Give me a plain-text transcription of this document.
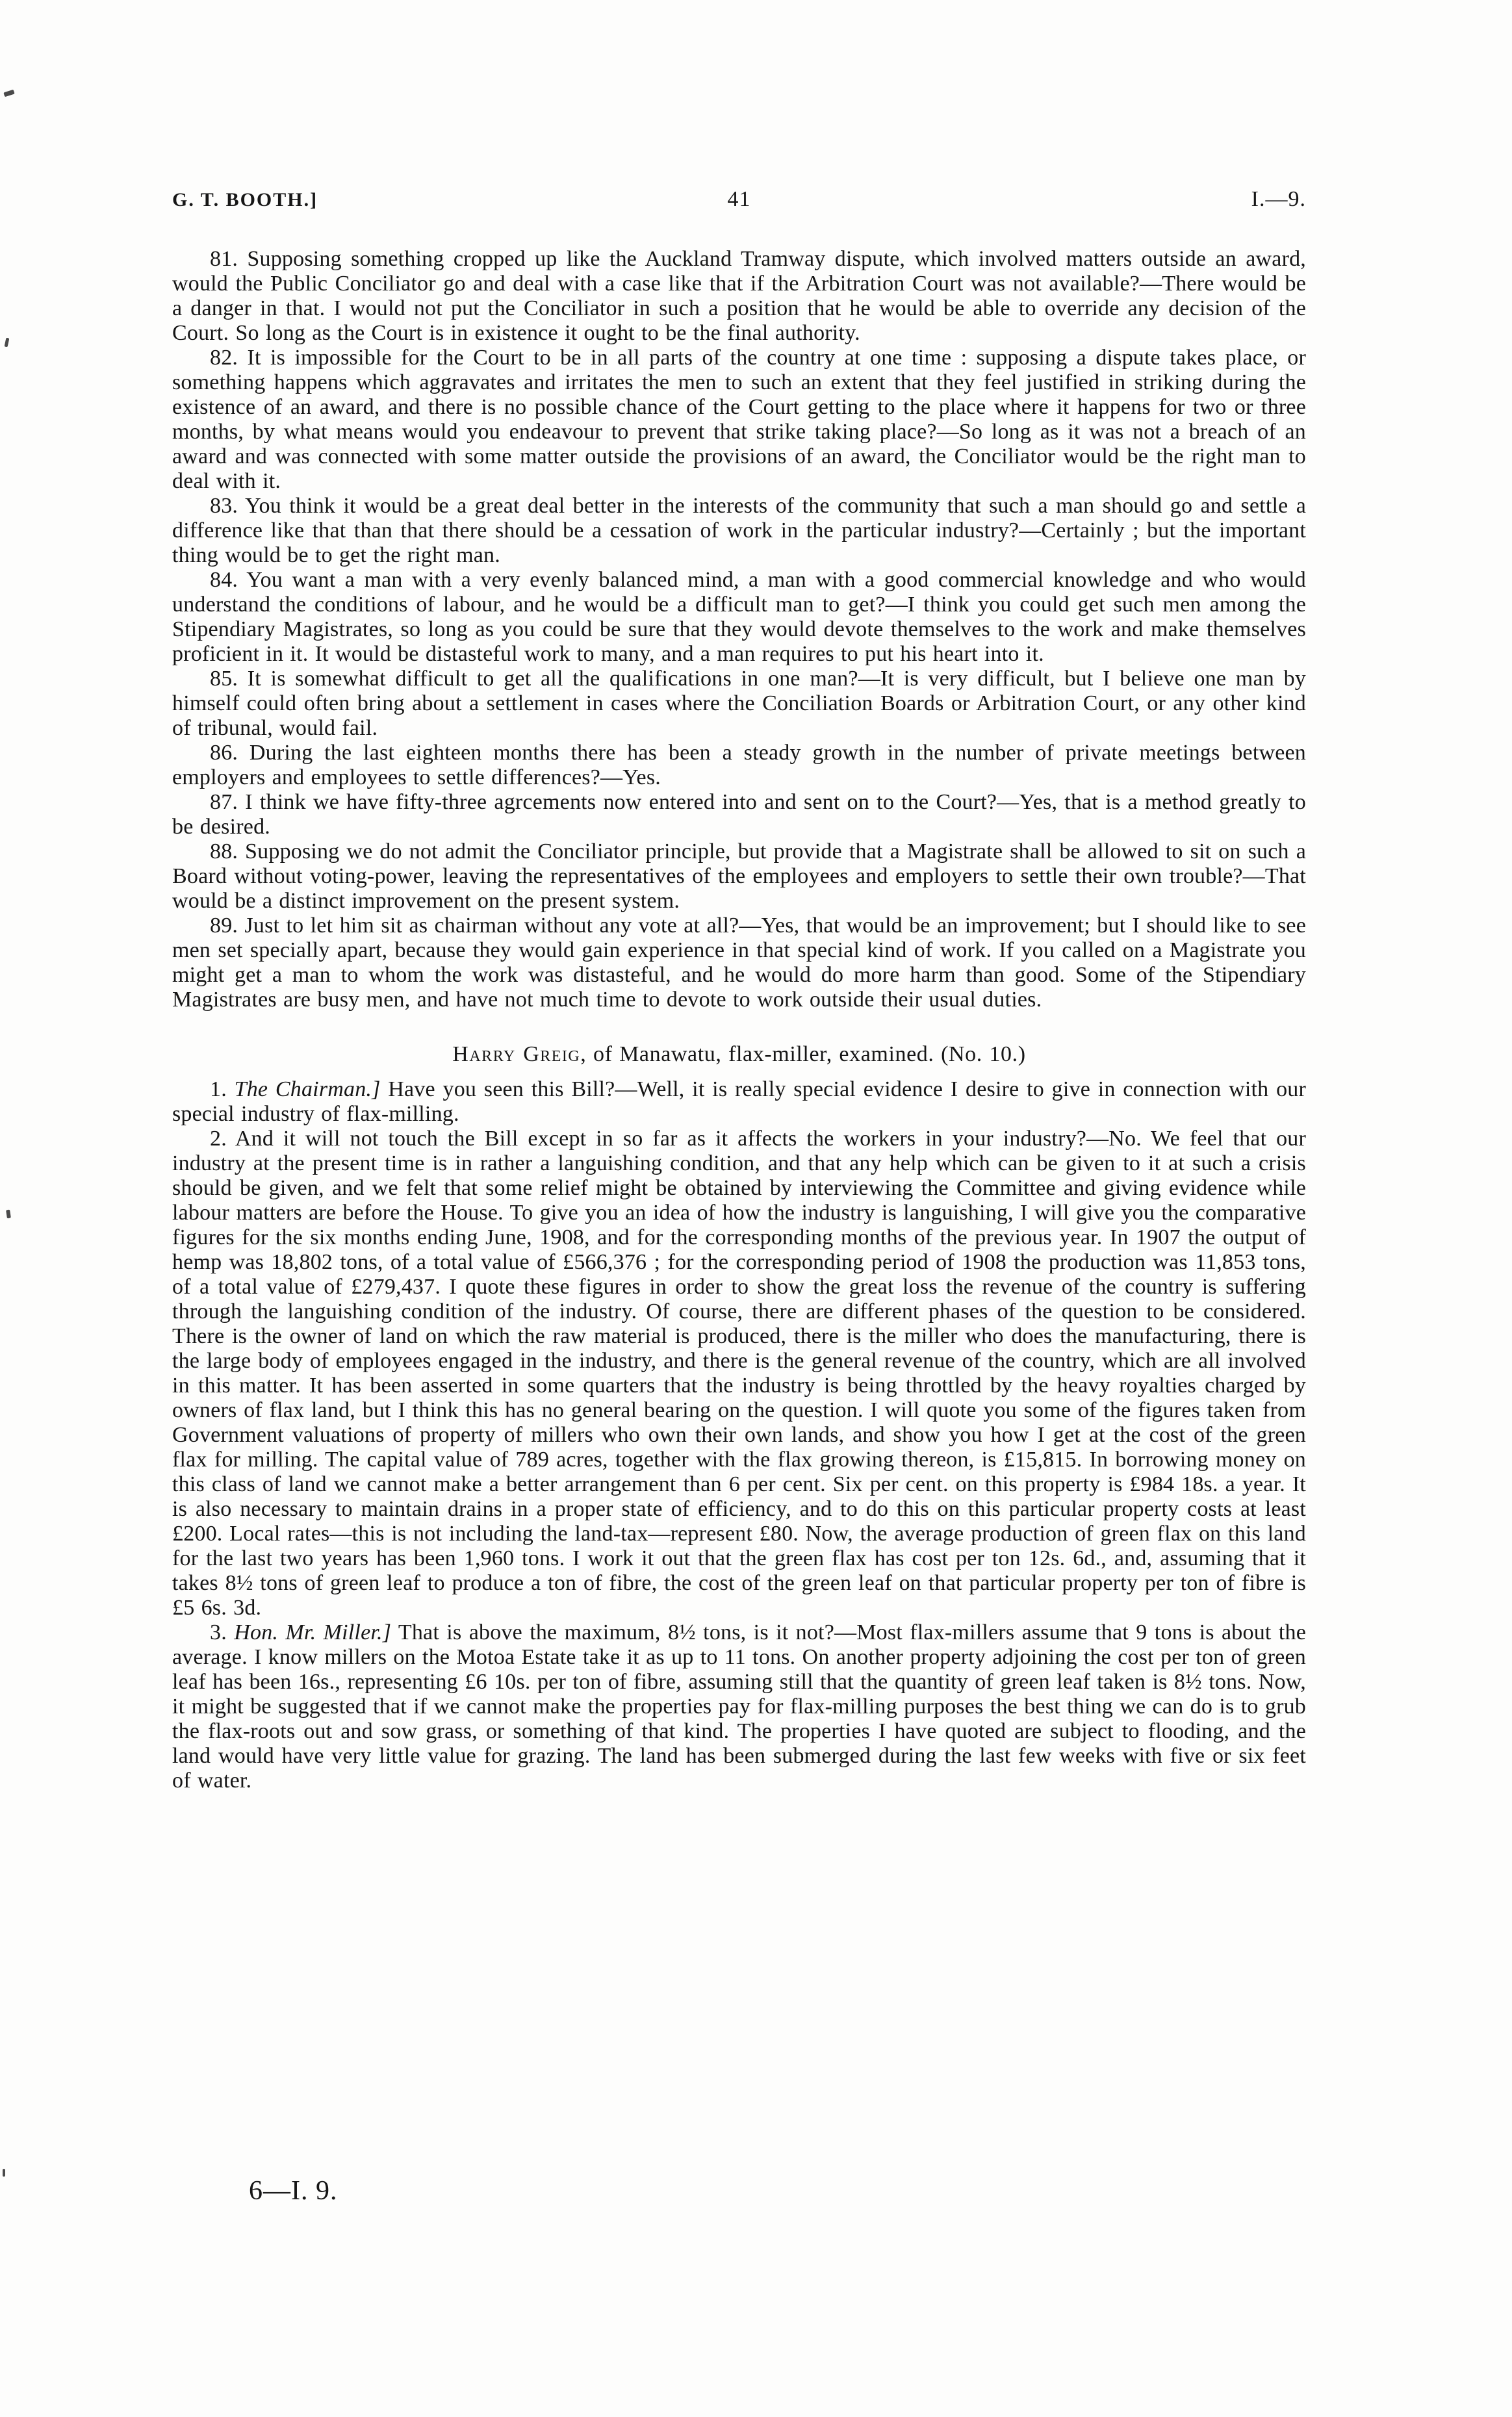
G. T. BOOTH.]	41	I.—9.

81. Supposing something cropped up like the Auckland Tramway dispute, which involved matters outside an award, would the Public Conciliator go and deal with a case like that if the Arbitration Court was not available?—There would be a danger in that. I would not put the Conciliator in such a position that he would be able to override any decision of the Court. So long as the Court is in existence it ought to be the final authority.

82. It is impossible for the Court to be in all parts of the country at one time : supposing a dispute takes place, or something happens which aggravates and irritates the men to such an extent that they feel justified in striking during the existence of an award, and there is no possible chance of the Court getting to the place where it happens for two or three months, by what means would you endeavour to prevent that strike taking place?—So long as it was not a breach of an award and was connected with some matter outside the provisions of an award, the Conciliator would be the right man to deal with it.

83. You think it would be a great deal better in the interests of the community that such a man should go and settle a difference like that than that there should be a cessation of work in the particular industry?—Certainly ; but the important thing would be to get the right man.

84. You want a man with a very evenly balanced mind, a man with a good commercial knowledge and who would understand the conditions of labour, and he would be a difficult man to get?—I think you could get such men among the Stipendiary Magistrates, so long as you could be sure that they would devote themselves to the work and make themselves proficient in it. It would be distasteful work to many, and a man requires to put his heart into it.

85. It is somewhat difficult to get all the qualifications in one man?—It is very difficult, but I believe one man by himself could often bring about a settlement in cases where the Conciliation Boards or Arbitration Court, or any other kind of tribunal, would fail.

86. During the last eighteen months there has been a steady growth in the number of private meetings between employers and employees to settle differences?—Yes.

87. I think we have fifty-three agrcements now entered into and sent on to the Court?—Yes, that is a method greatly to be desired.

88. Supposing we do not admit the Conciliator principle, but provide that a Magistrate shall be allowed to sit on such a Board without voting-power, leaving the representatives of the employees and employers to settle their own trouble?—That would be a distinct improvement on the present system.

89. Just to let him sit as chairman without any vote at all?—Yes, that would be an improvement; but I should like to see men set specially apart, because they would gain experience in that special kind of work. If you called on a Magistrate you might get a man to whom the work was distasteful, and he would do more harm than good. Some of the Stipendiary Magistrates are busy men, and have not much time to devote to work outside their usual duties.

Harry Greig, of Manawatu, flax-miller, examined. (No. 10.)

1. The Chairman.] Have you seen this Bill?—Well, it is really special evidence I desire to give in connection with our special industry of flax-milling.

2. And it will not touch the Bill except in so far as it affects the workers in your industry?—No. We feel that our industry at the present time is in rather a languishing condition, and that any help which can be given to it at such a crisis should be given, and we felt that some relief might be obtained by interviewing the Committee and giving evidence while labour matters are before the House. To give you an idea of how the industry is languishing, I will give you the comparative figures for the six months ending June, 1908, and for the corresponding months of the previous year. In 1907 the output of hemp was 18,802 tons, of a total value of £566,376 ; for the corresponding period of 1908 the production was 11,853 tons, of a total value of £279,437. I quote these figures in order to show the great loss the revenue of the country is suffering through the languishing condition of the industry. Of course, there are different phases of the question to be considered. There is the owner of land on which the raw material is produced, there is the miller who does the manufacturing, there is the large body of employees engaged in the industry, and there is the general revenue of the country, which are all involved in this matter. It has been asserted in some quarters that the industry is being throttled by the heavy royalties charged by owners of flax land, but I think this has no general bearing on the question. I will quote you some of the figures taken from Government valuations of property of millers who own their own lands, and show you how I get at the cost of the green flax for milling. The capital value of 789 acres, together with the flax growing thereon, is £15,815. In borrowing money on this class of land we cannot make a better arrangement than 6 per cent. Six per cent. on this property is £984 18s. a year. It is also necessary to maintain drains in a proper state of efficiency, and to do this on this particular property costs at least £200. Local rates—this is not including the land-tax—represent £80. Now, the average production of green flax on this land for the last two years has been 1,960 tons. I work it out that the green flax has cost per ton 12s. 6d., and, assuming that it takes 8½ tons of green leaf to produce a ton of fibre, the cost of the green leaf on that particular property per ton of fibre is £5 6s. 3d.

3. Hon. Mr. Miller.] That is above the maximum, 8½ tons, is it not?—Most flax-millers assume that 9 tons is about the average. I know millers on the Motoa Estate take it as up to 11 tons. On another property adjoining the cost per ton of green leaf has been 16s., representing £6 10s. per ton of fibre, assuming still that the quantity of green leaf taken is 8½ tons. Now, it might be suggested that if we cannot make the properties pay for flax-milling purposes the best thing we can do is to grub the flax-roots out and sow grass, or something of that kind. The properties I have quoted are subject to flooding, and the land would have very little value for grazing. The land has been submerged during the last few weeks with five or six feet of water.

6—I. 9.
